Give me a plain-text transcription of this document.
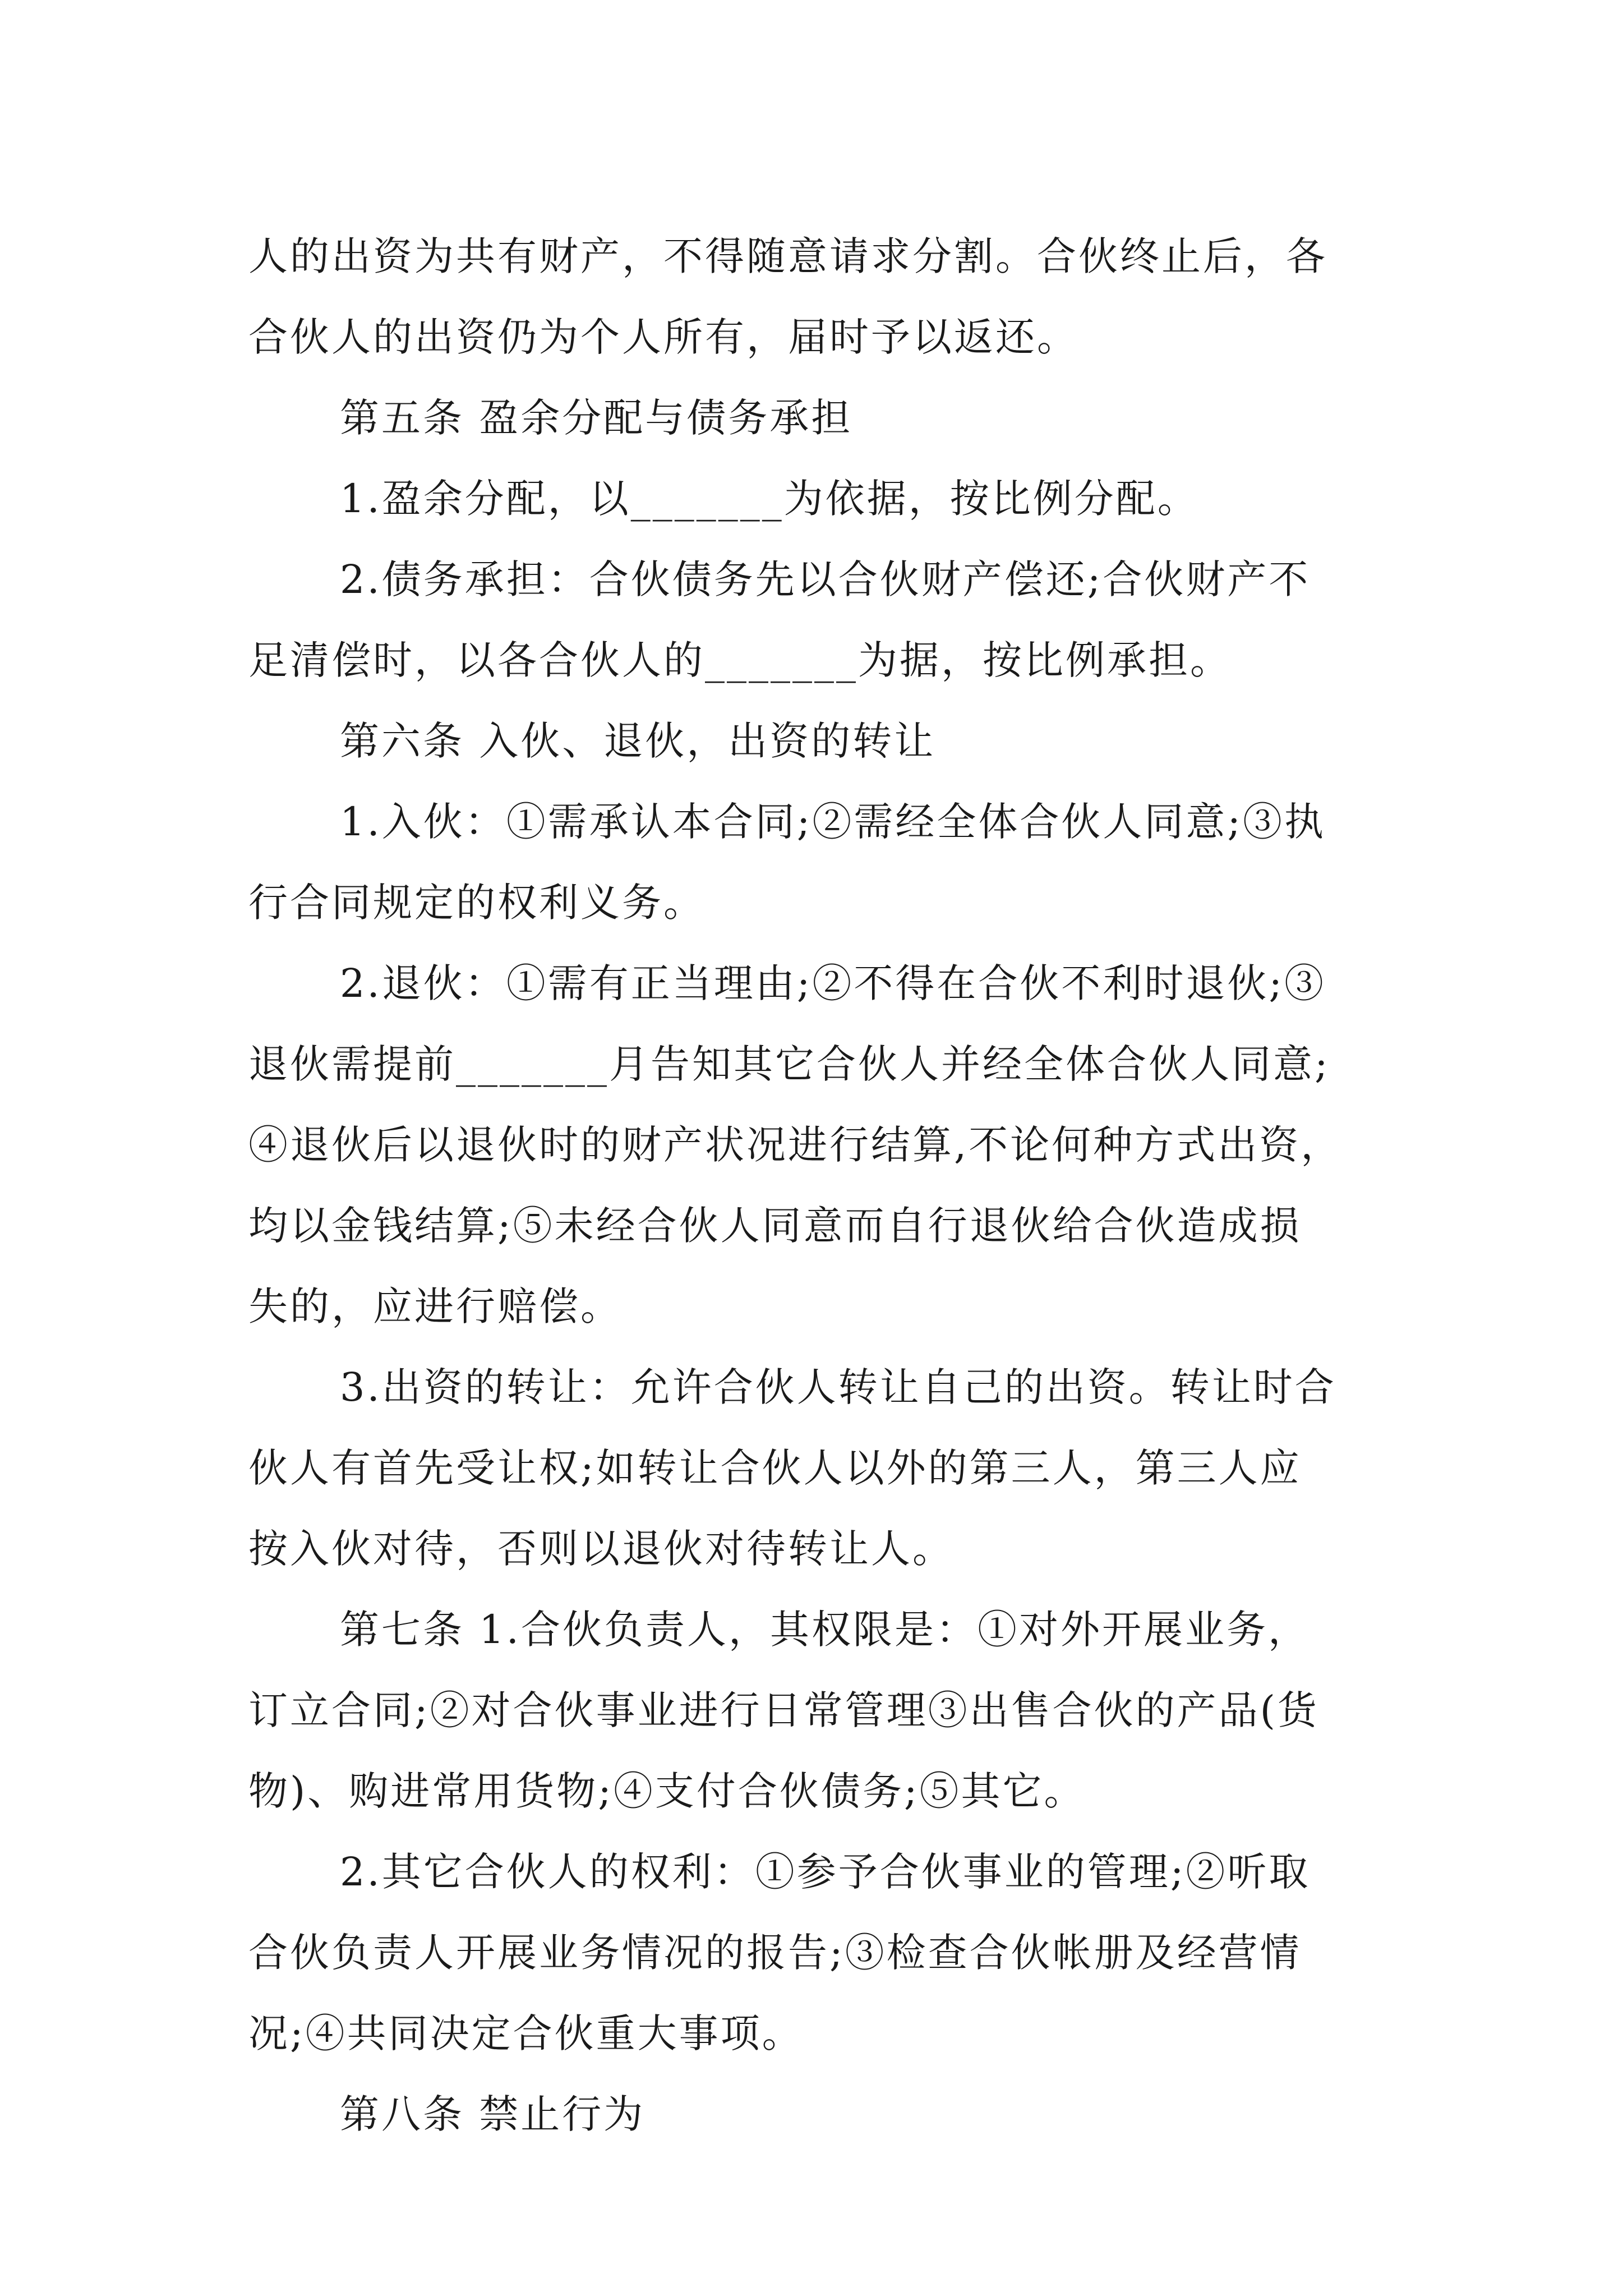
人的出资为共有财产，不得随意请求分割。合伙终止后，各
合伙人的出资仍为个人所有，届时予以返还。
第五条 盈余分配与债务承担
1.盈余分配，以_______为依据，按比例分配。
2.债务承担：合伙债务先以合伙财产偿还;合伙财产不
足清偿时，以各合伙人的_______为据，按比例承担。
第六条 入伙、退伙，出资的转让
1.入伙：①需承认本合同;②需经全体合伙人同意;③执
行合同规定的权利义务。
2.退伙：①需有正当理由;②不得在合伙不利时退伙;③
退伙需提前_______月告知其它合伙人并经全体合伙人同意;
④退伙后以退伙时的财产状况进行结算,不论何种方式出资，
均以金钱结算;⑤未经合伙人同意而自行退伙给合伙造成损
失的，应进行赔偿。
3.出资的转让：允许合伙人转让自己的出资。转让时合
伙人有首先受让权;如转让合伙人以外的第三人，第三人应
按入伙对待，否则以退伙对待转让人。
第七条 1.合伙负责人，其权限是：①对外开展业务，
订立合同;②对合伙事业进行日常管理③出售合伙的产品(货
物)、购进常用货物;④支付合伙债务;⑤其它。
2.其它合伙人的权利：①参予合伙事业的管理;②听取
合伙负责人开展业务情况的报告;③检查合伙帐册及经营情
况;④共同决定合伙重大事项。
第八条 禁止行为
